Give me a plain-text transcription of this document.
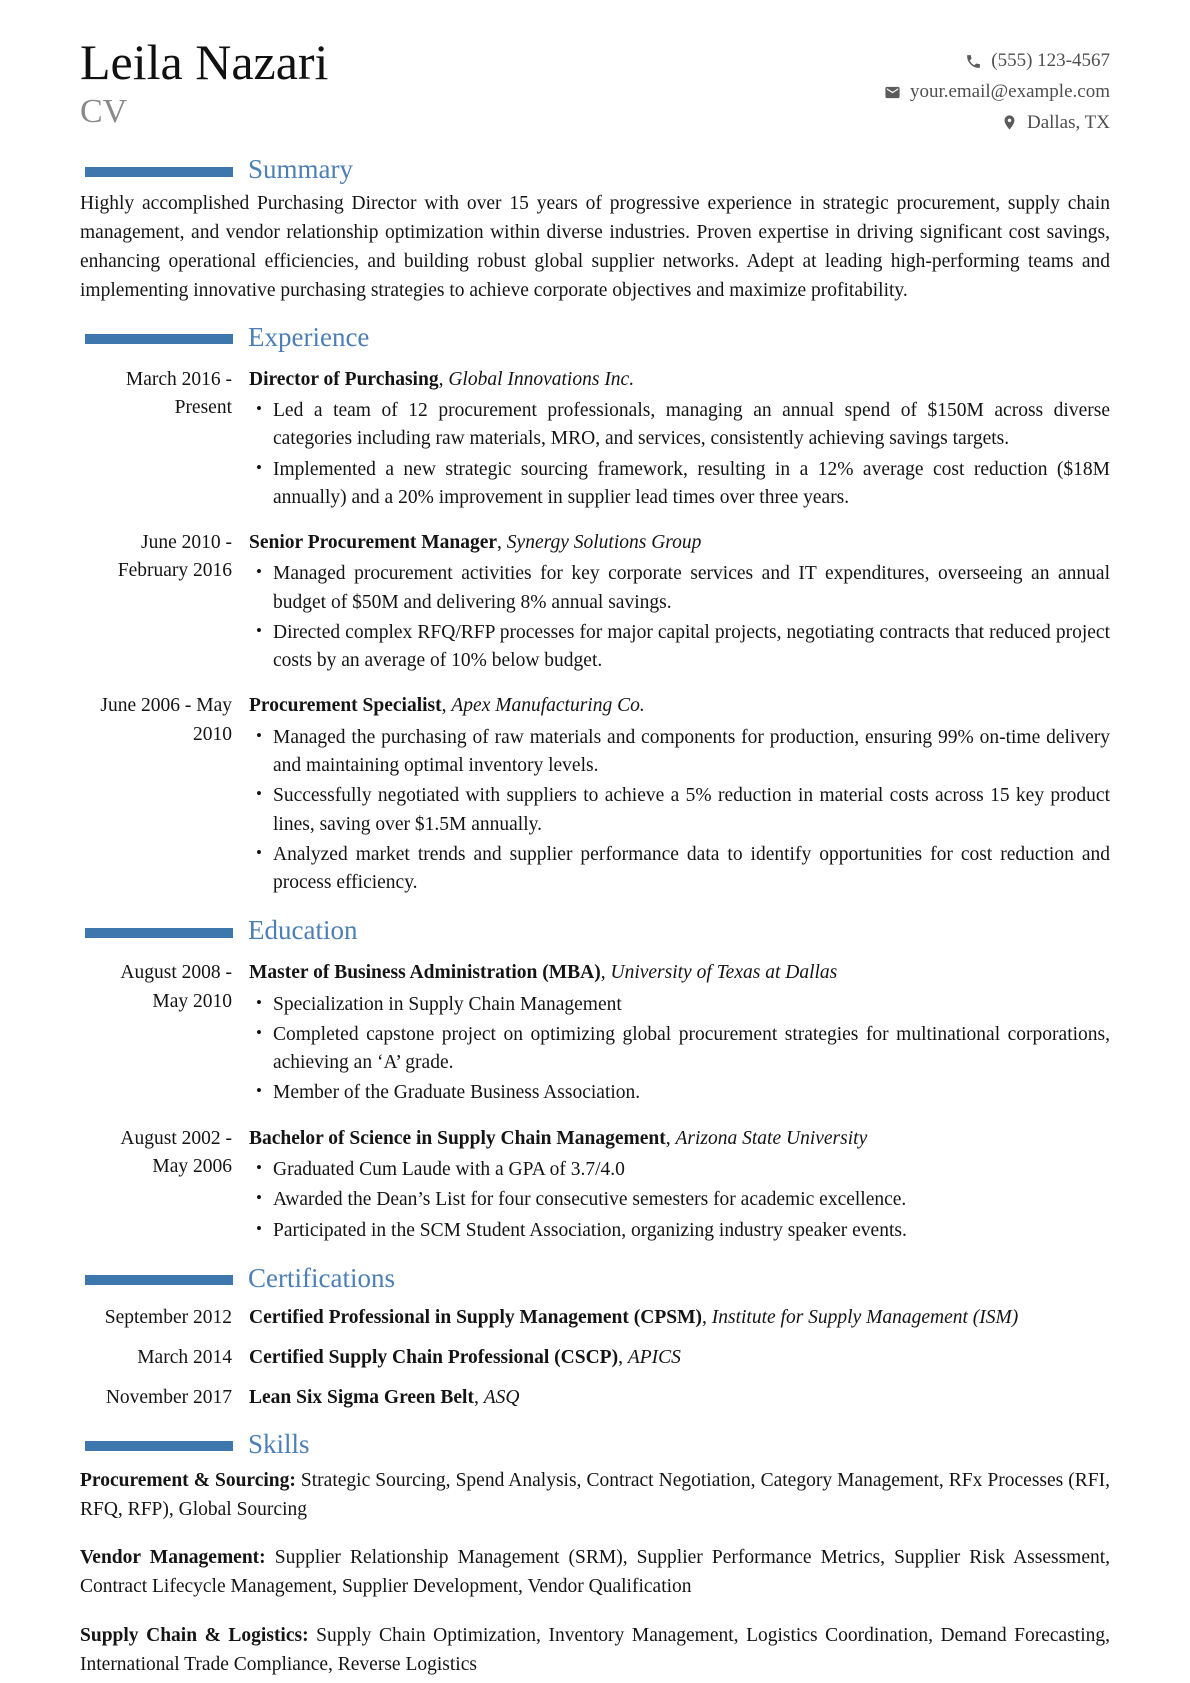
Leila Nazari
CV
(555) 123-4567
your.email@example.com
Dallas, TX
Summary

Highly accomplished Purchasing Director with over 15 years of progressive experience in strategic procurement, supply chain management, and vendor relationship optimization within diverse industries. Proven expertise in driving significant cost savings, enhancing operational efficiencies, and building robust global supplier networks. Adept at leading high-performing teams and implementing innovative purchasing strategies to achieve corporate objectives and maximize profitability.

Experience
March 2016 - Present
Director of Purchasing, Global Innovations Inc.
• Led a team of 12 procurement professionals, managing an annual spend of $150M across diverse categories including raw materials, MRO, and services, consistently achieving savings targets.
• Implemented a new strategic sourcing framework, resulting in a 12% average cost reduction ($18M annually) and a 20% improvement in supplier lead times over three years.
June 2010 - February 2016
Senior Procurement Manager, Synergy Solutions Group
• Managed procurement activities for key corporate services and IT expenditures, overseeing an annual budget of $50M and delivering 8% annual savings.
• Directed complex RFQ/RFP processes for major capital projects, negotiating contracts that reduced project costs by an average of 10% below budget.
June 2006 - May 2010
Procurement Specialist, Apex Manufacturing Co.
• Managed the purchasing of raw materials and components for production, ensuring 99% on-time delivery and maintaining optimal inventory levels.
• Successfully negotiated with suppliers to achieve a 5% reduction in material costs across 15 key product lines, saving over $1.5M annually.
• Analyzed market trends and supplier performance data to identify opportunities for cost reduction and process efficiency.
Education
August 2008 - May 2010
Master of Business Administration (MBA), University of Texas at Dallas
• Specialization in Supply Chain Management
• Completed capstone project on optimizing global procurement strategies for multinational corporations, achieving an ‘A’ grade.
• Member of the Graduate Business Association.
August 2002 - May 2006
Bachelor of Science in Supply Chain Management, Arizona State University
• Graduated Cum Laude with a GPA of 3.7/4.0
• Awarded the Dean’s List for four consecutive semesters for academic excellence.
• Participated in the SCM Student Association, organizing industry speaker events.
Certifications
September 2012 Certified Professional in Supply Management (CPSM), Institute for Supply Management (ISM)
March 2014 Certified Supply Chain Professional (CSCP), APICS
November 2017 Lean Six Sigma Green Belt, ASQ
Skills

Procurement & Sourcing: Strategic Sourcing, Spend Analysis, Contract Negotiation, Category Management, RFx Processes (RFI, RFQ, RFP), Global Sourcing

Vendor Management: Supplier Relationship Management (SRM), Supplier Performance Metrics, Supplier Risk Assessment, Contract Lifecycle Management, Supplier Development, Vendor Qualification

Supply Chain & Logistics: Supply Chain Optimization, Inventory Management, Logistics Coordination, Demand Forecasting, International Trade Compliance, Reverse Logistics
